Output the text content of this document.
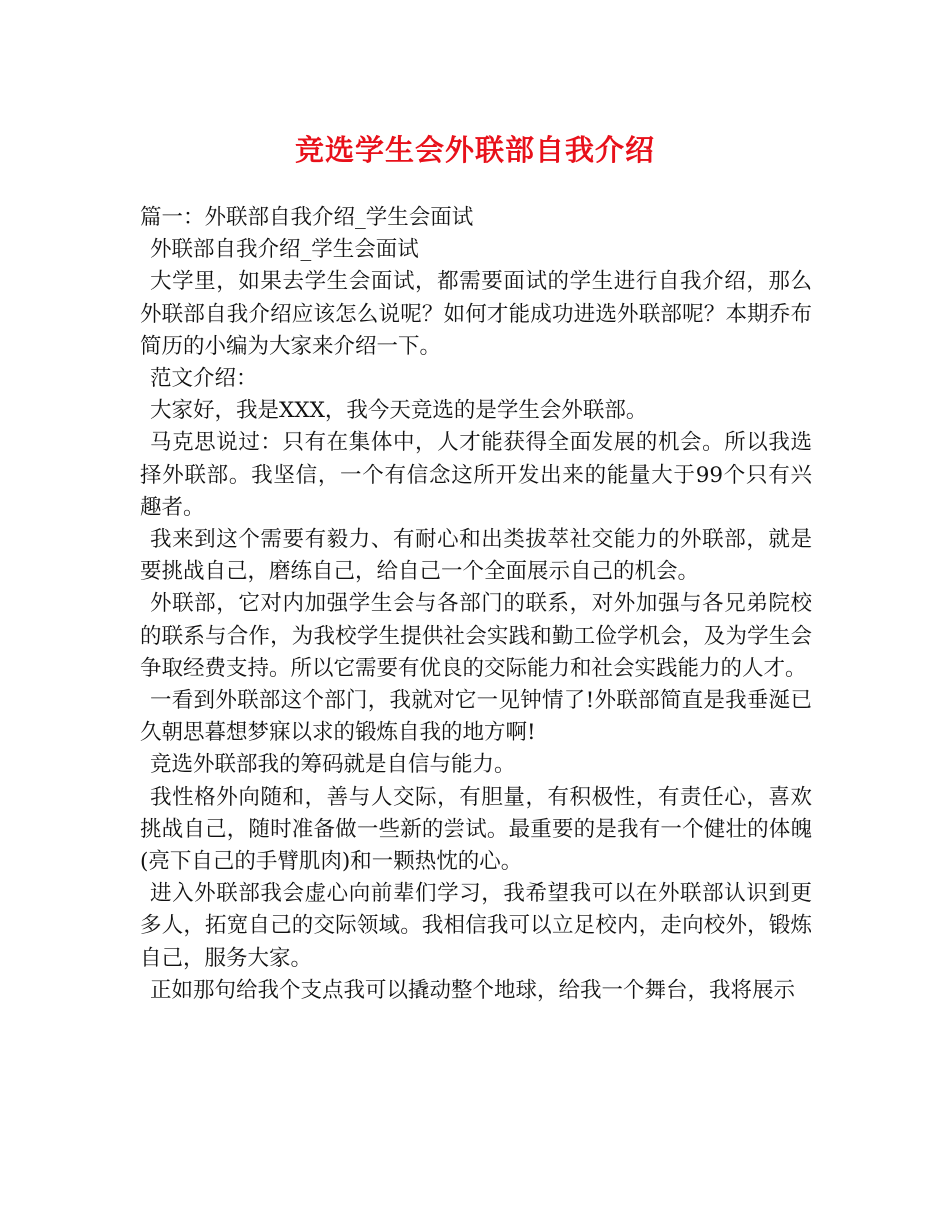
竞选学生会外联部自我介绍

篇一：外联部自我介绍_学生会面试

外联部自我介绍_学生会面试

大学里，如果去学生会面试，都需要面试的学生进行自我介绍，那么外联部自我介绍应该怎么说呢？如何才能成功进选外联部呢？本期乔布简历的小编为大家来介绍一下。

范文介绍：

大家好，我是XXX，我今天竞选的是学生会外联部。

马克思说过：只有在集体中，人才能获得全面发展的机会。所以我选择外联部。我坚信，一个有信念这所开发出来的能量大于99个只有兴趣者。

我来到这个需要有毅力、有耐心和出类拔萃社交能力的外联部，就是要挑战自己，磨练自己，给自己一个全面展示自己的机会。

外联部，它对内加强学生会与各部门的联系，对外加强与各兄弟院校的联系与合作，为我校学生提供社会实践和勤工俭学机会，及为学生会争取经费支持。所以它需要有优良的交际能力和社会实践能力的人才。

一看到外联部这个部门，我就对它一见钟情了!外联部简直是我垂涎已久朝思暮想梦寐以求的锻炼自我的地方啊!

竞选外联部我的筹码就是自信与能力。

我性格外向随和，善与人交际，有胆量，有积极性，有责任心，喜欢挑战自己，随时准备做一些新的尝试。最重要的是我有一个健壮的体魄(亮下自己的手臂肌肉)和一颗热忱的心。

进入外联部我会虚心向前辈们学习，我希望我可以在外联部认识到更多人，拓宽自己的交际领域。我相信我可以立足校内，走向校外，锻炼自己，服务大家。

正如那句给我个支点我可以撬动整个地球，给我一个舞台，我将展示
